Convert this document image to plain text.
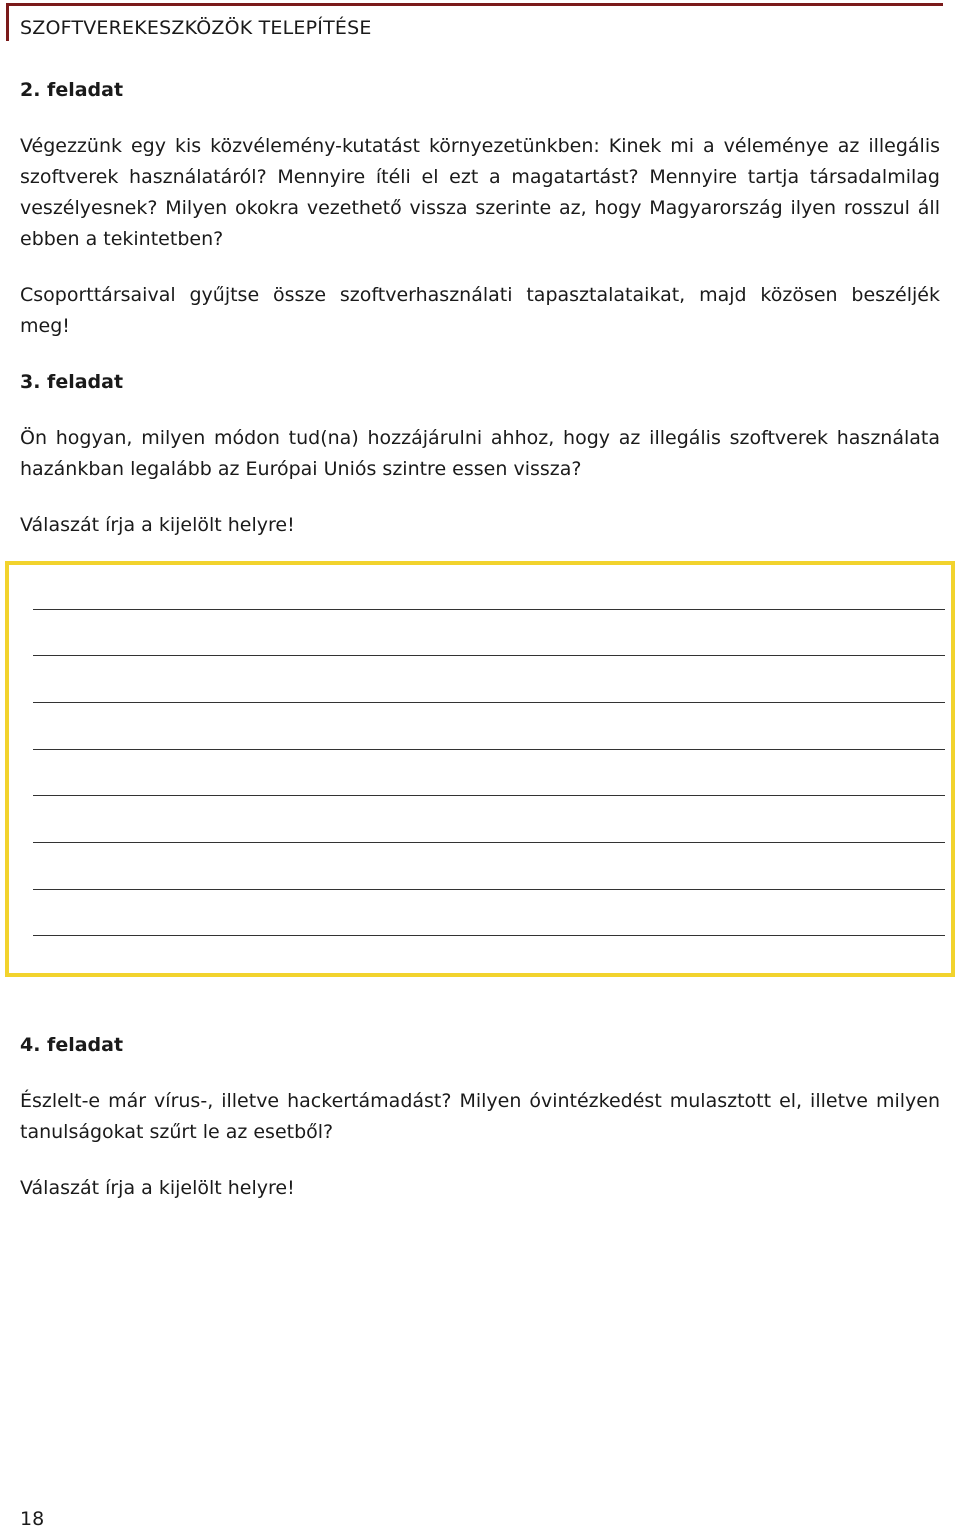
SZOFTVEREKESZKÖZÖK TELEPÍTÉSE

2. feladat

Végezzünk egy kis közvélemény-kutatást környezetünkben: Kinek mi a véleménye az illegális szoftverek használatáról? Mennyire ítéli el ezt a magatartást? Mennyire tartja társadalmilag veszélyesnek? Milyen okokra vezethető vissza szerinte az, hogy Magyarország ilyen rosszul áll ebben a tekintetben?

Csoporttársaival gyűjtse össze szoftverhasználati tapasztalataikat, majd közösen beszéljék meg!

3. feladat

Ön hogyan, milyen módon tud(na) hozzájárulni ahhoz, hogy az illegális szoftverek használata hazánkban legalább az Európai Uniós szintre essen vissza?

Válaszát írja a kijelölt helyre!

4. feladat

Észlelt-e már vírus-, illetve hackertámadást? Milyen óvintézkedést mulasztott el, illetve milyen tanulságokat szűrt le az esetből?

Válaszát írja a kijelölt helyre!

18
